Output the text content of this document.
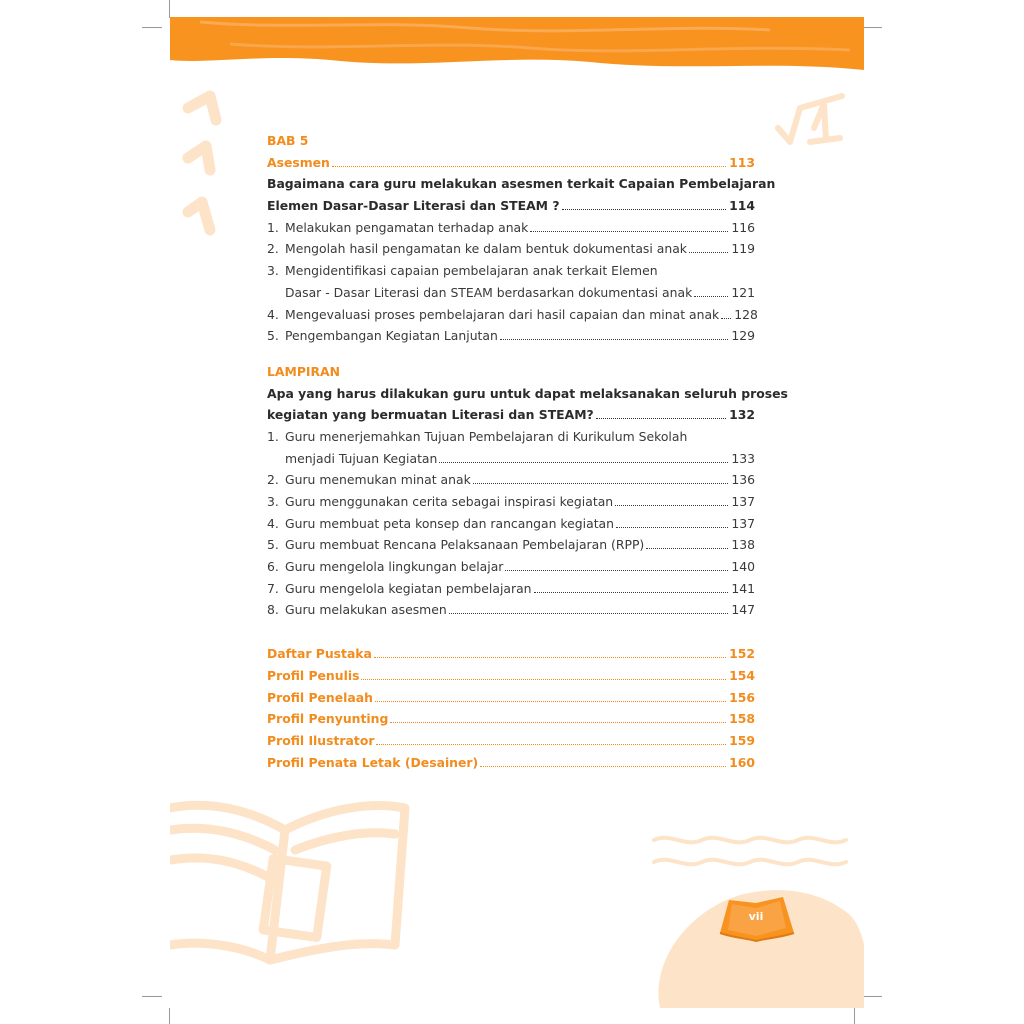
vii
BAB 5
Asesmen	113
Bagaimana cara guru melakukan asesmen terkait Capaian Pembelajaran
Elemen Dasar-Dasar Literasi dan STEAM ?	114
1. Melakukan pengamatan terhadap anak	116
2. Mengolah hasil pengamatan ke dalam bentuk dokumentasi anak	119
3. Mengidentifikasi capaian pembelajaran anak terkait Elemen
Dasar - Dasar Literasi dan STEAM berdasarkan dokumentasi anak	121
4. Mengevaluasi proses pembelajaran dari hasil capaian dan minat anak 128
5. Pengembangan Kegiatan Lanjutan	129
LAMPIRAN
Apa yang harus dilakukan guru untuk dapat melaksanakan seluruh proses
kegiatan yang bermuatan Literasi dan STEAM?	132
1. Guru menerjemahkan Tujuan Pembelajaran di Kurikulum Sekolah
menjadi Tujuan Kegiatan	133
2. Guru menemukan minat anak	136
3. Guru menggunakan cerita sebagai inspirasi kegiatan	137
4. Guru membuat peta konsep dan rancangan kegiatan	137
5. Guru membuat Rencana Pelaksanaan Pembelajaran (RPP)	138
6. Guru mengelola lingkungan belajar	140
7. Guru mengelola kegiatan pembelajaran	141
8. Guru melakukan asesmen	147
Daftar Pustaka	152
Profil Penulis	154
Profil Penelaah	156
Profil Penyunting	158
Profil Ilustrator	159
Profil Penata Letak (Desainer)	160
